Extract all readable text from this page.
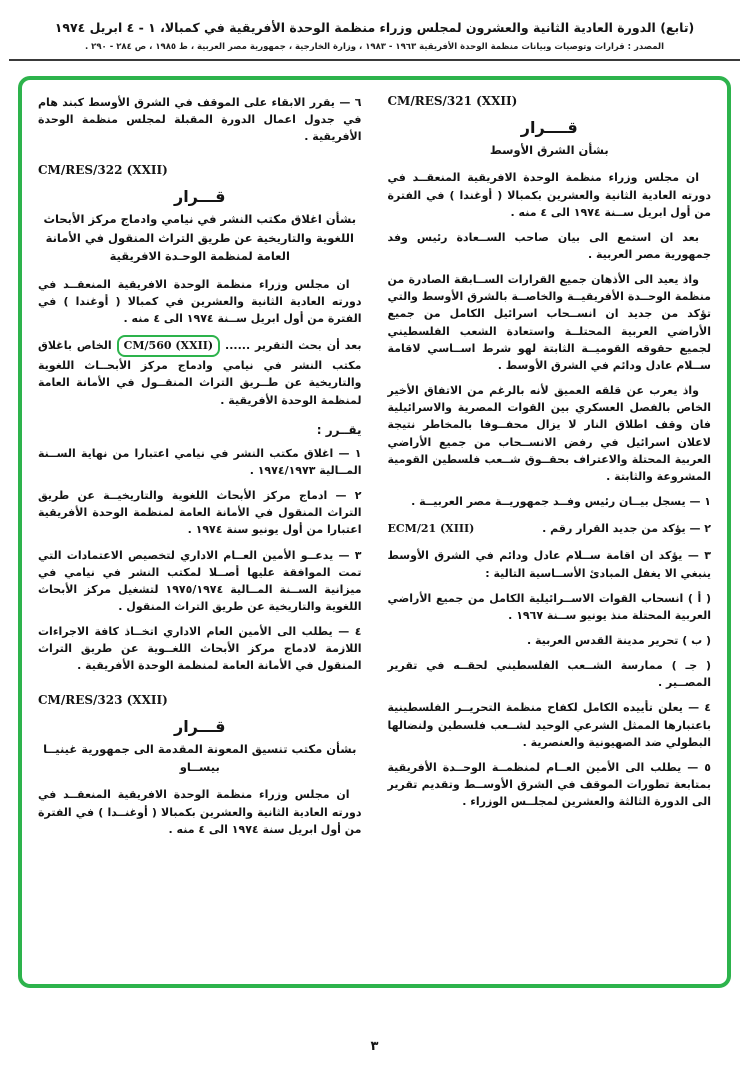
(تابع) الدورة العادية الثانية والعشرون لمجلس وزراء منظمة الوحدة الأفريقية في كمبالا، ١ - ٤ ابريل ١٩٧٤
المصدر : قرارات وتوصيات وبيانات منظمة الوحدة الأفريقية ١٩٦٣ - ١٩٨٣ ، وزارة الخارجية ، جمهورية مصر العربية ، ط ١٩٨٥ ، ص ٢٨٤ - ٢٩٠ .

٦ — يقرر الابقاء على الموقف في الشرق الأوسط كبند هام في جدول اعمال الدورة المقبلة لمجلس منظمة الوحدة الأفريقية .

CM/RES/322 (XXII)
قـــرار
بشأن اغلاق مكتب النشر في نيامي وادماج مركز الأبحاث اللغوية والتاريخية عن طريق التراث المنقول في الأمانة العامة لمنظمة الوحـدة الافريقية

ان مجلس وزراء منظمة الوحدة الافريقية المنعقــد في دورته العادية الثانية والعشرين في كمبالا ( أوغندا ) في الفترة من أول ابريل ســنة ١٩٧٤ الى ٤ منه .

بعد أن بحث التقرير ...... CM/560 (XXII) الخاص باغلاق مكتب النشر في نيامي وادماج مركز الأبحــاث اللغوية والتاريخية عن طــريق التراث المنقــول في الأمانة العامة لمنظمة الوحدة الأفريقية .

يقــرر :

١ — اغلاق مكتب النشر في نيامي اعتبارا من نهاية الســنة المــالية ١٩٧٤/١٩٧٣ .

٢ — ادماج مركز الأبحاث اللغوية والتاريخيــة عن طريق التراث المنقول في الأمانة العامة لمنظمة الوحدة الأفريقية اعتبارا من أول يونيو سنة ١٩٧٤ .

٣ — يدعــو الأمين العــام الاداري لتخصيص الاعتمادات التي تمت الموافقة عليها أصــلا لمكتب النشر في نيامي في ميزانية الســنة المــالية ١٩٧٥/١٩٧٤ لتشغيل مركز الأبحاث اللغوية والتاريخية عن طريق التراث المنقول .

٤ — يطلب الى الأمين العام الاداري اتخــاذ كافة الاجراءات اللازمة لادماج مركز الأبحاث اللغــوية عن طريق التراث المنقول في الأمانة العامة لمنظمة الوحدة الأفريقية .

CM/RES/323 (XXII)
قـــرار
بشأن مكتب تنسيق المعونة المقدمة الى جمهورية غينيــا بيســاو

ان مجلس وزراء منظمة الوحدة الافريقية المنعقــد في دورته العادية الثانية والعشرين بكمبالا ( أوغنــدا ) في الفترة من أول ابريل سنة ١٩٧٤ الى ٤ منه .

CM/RES/321 (XXII)
قــــرار
بشأن الشرق الأوسط

ان مجلس وزراء منظمة الوحدة الافريقية المنعقــد في دورته العادية الثانية والعشرين بكمبالا ( أوغندا ) في الفترة من أول ابريل ســنة ١٩٧٤ الى ٤ منه .

بعد ان استمع الى بيان صاحب الســعادة رئيس وفد جمهورية مصر العربية .

واذ يعيد الى الأذهان جميع القرارات الســابقة الصادرة من منظمة الوحــدة الأفريقيــة والخاصــة بالشرق الأوسط والتي تؤكد من جديد ان انســحاب اسرائيل الكامل من جميع الأراضي العربية المحتلــة واستعادة الشعب الفلسطيني لجميع حقوقه القوميــة الثابتة لهو شرط اســاسي لاقامة ســلام عادل ودائم في الشرق الأوسط .

واذ يعرب عن قلقه العميق لأنه بالرغم من الاتفاق الأخير الخاص بالفصل العسكري بين القوات المصرية والاسرائيلية فان وقف اطلاق النار لا يزال محفــوفا بالمخاطر نتيجة لاعلان اسرائيل في رفض الانســحاب من جميع الأراضي العربية المحتلة والاعتراف بحقــوق شــعب فلسطين القومية المشروعة والثابتة .

١ — يسجل بيــان رئيس وفــد جمهوريــة مصر العربيــة .

٢ — يؤكد من جديد القرار رقم .
ECM/21 (XIII)

٣ — يؤكد ان اقامة ســلام عادل ودائم في الشرق الأوسط ينبغي الا يغفل المبادئ الأســاسية التالية :

( أ ) انسحاب القوات الاســرائيلية الكامل من جميع الأراضي العربية المحتلة منذ يونيو ســنة ١٩٦٧ .

( ب ) تحرير مدينة القدس العربية .

( جـ ) ممارسة الشــعب الفلسطيني لحقــه في تقرير المصــير .

٤ — يعلن تأييده الكامل لكفاح منظمة التحريــر الفلسطينية باعتبارها الممثل الشرعي الوحيد لشــعب فلسطين ولنضالها البطولي ضد الصهيونية والعنصرية .

٥ — يطلب الى الأمين العــام لمنظمــة الوحــدة الأفريقية بمتابعة تطورات الموقف في الشرق الأوســط وتقديم تقرير الى الدورة الثالثة والعشرين لمجلــس الوزراء .

٣
